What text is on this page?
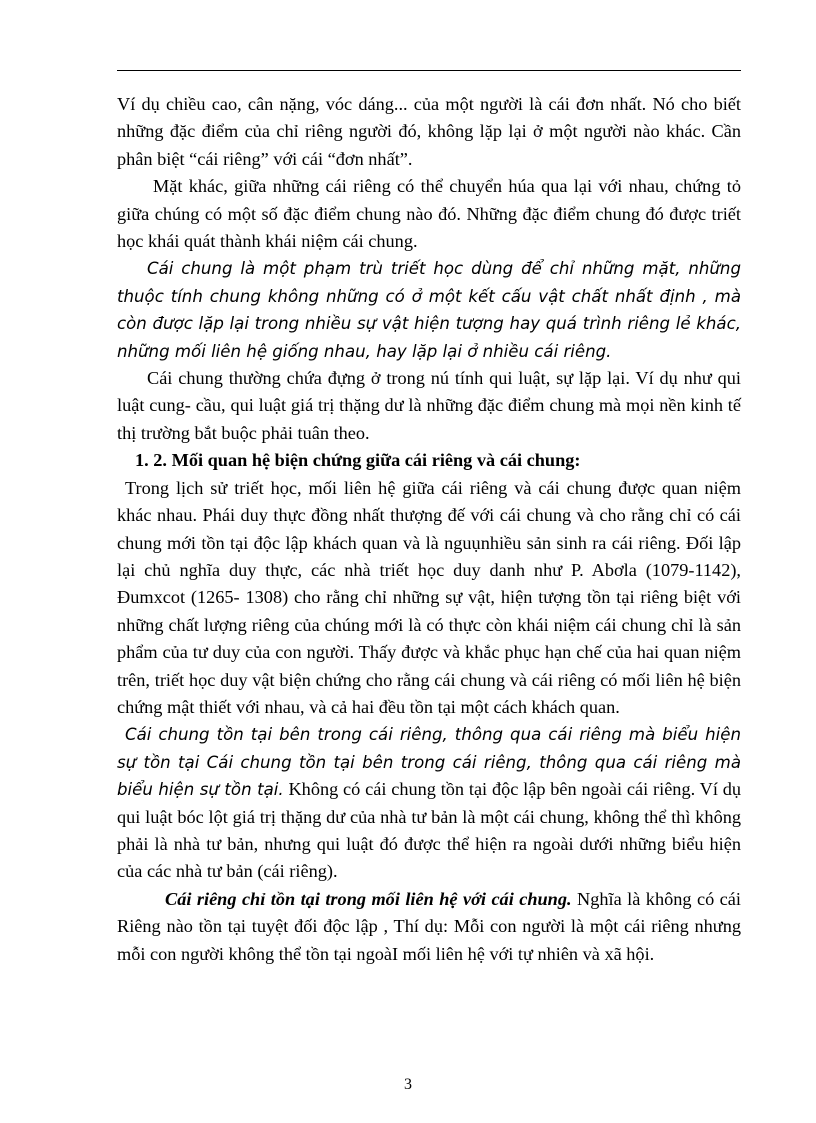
Ví dụ chiều cao, cân nặng, vóc dáng... của một người là cái đơn nhất. Nó cho biết những đặc điểm của chỉ riêng người đó, không lặp lại ở một người nào khác. Cần phân biệt “cái riêng” với cái “đơn nhất”.

Mặt khác, giữa những cái riêng có thể chuyển húa qua lại với nhau, chứng tỏ giữa chúng có một số đặc điểm chung nào đó. Những đặc điểm chung đó được triết học khái quát thành khái niệm cái chung.

Cái chung là một phạm trù triết học dùng để chỉ những mặt, những thuộc tính chung không những có ở một kết cấu vật chất nhất định , mà còn được lặp lại trong nhiều sự vật hiện tượng hay quá trình riêng lẻ khác, những mối liên hệ giống nhau, hay lặp lại ở nhiều cái riêng.

Cái chung thường chứa đựng ở trong nú tính qui luật, sự lặp lại. Ví dụ như qui luật cung- cầu, qui luật giá trị thặng dư là những đặc điểm chung mà mọi nền kinh tế thị trường bắt buộc phải tuân theo.

1. 2. Mối quan hệ biện chứng giữa cái riêng và cái chung:

Trong lịch sử triết học, mối liên hệ giữa cái riêng và cái chung được quan niệm khác nhau. Phái duy thực đồng nhất thượng đế với cái chung và cho rằng chỉ có cái chung mới tồn tại độc lập khách quan và là nguụnhiều sản sinh ra cái riêng. Đối lập lại chủ nghĩa duy thực, các nhà triết học duy danh như P. Abơla (1079-1142), Đumxcot (1265- 1308) cho rằng chỉ những sự vật, hiện tượng tồn tại riêng biệt với những chất lượng riêng của chúng mới là có thực còn khái niệm cái chung chỉ là sản phẩm của tư duy của con người. Thấy được và khắc phục hạn chế của hai quan niệm trên, triết học duy vật biện chứng cho rằng cái chung và cái riêng có mối liên hệ biện chứng mật thiết với nhau, và cả hai đều tồn tại một cách khách quan.

Cái chung tồn tại bên trong cái riêng, thông qua cái riêng mà biểu hiện sự tồn tại Cái chung tồn tại bên trong cái riêng, thông qua cái riêng mà biểu hiện sự tồn tại. Không có cái chung tồn tại độc lập bên ngoài cái riêng. Ví dụ qui luật bóc lột giá trị thặng dư của nhà tư bản là một cái chung, không thể thì không phải là nhà tư bản, nhưng qui luật đó được thể hiện ra ngoài dưới những biểu hiện của các nhà tư bản (cái riêng).

Cái riêng chỉ tồn tại trong mối liên hệ với cái chung. Nghĩa là không có cái Riêng nào tồn tại tuyệt đối độc lập , Thí dụ: Mỗi con người là một cái riêng nhưng mỗi con người không thể tồn tại ngoàI mối liên hệ với tự nhiên và xã hội.

3
